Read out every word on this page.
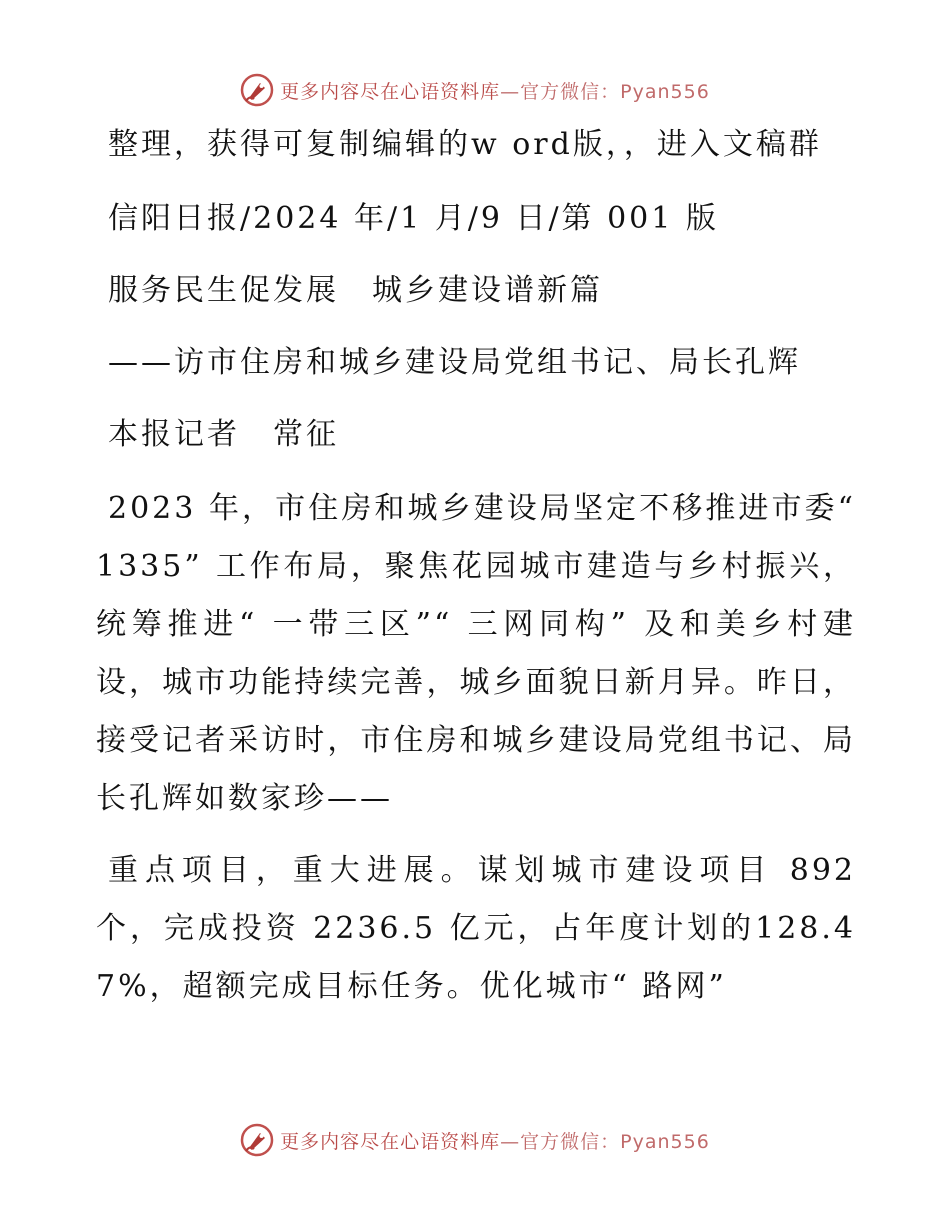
更多内容尽在心语资料库—官方微信：Pyan556

整理，获得可复制编辑的w ord版，，进入文稿群

信阳日报/2024 年/1 月/9 日/第 001 版

服务民生促发展　城乡建设谱新篇

——访市住房和城乡建设局党组书记、局长孔辉

本报记者　常征

2023 年，市住房和城乡建设局坚定不移推进市委“ 1335” 工作布局，聚焦花园城市建造与乡村振兴，统筹推进“ 一带三区”“ 三网同构” 及和美乡村建设，城市功能持续完善，城乡面貌日新月异。昨日，接受记者采访时，市住房和城乡建设局党组书记、局长孔辉如数家珍——

重点项目，重大进展。谋划城市建设项目 892 个，完成投资 2236.5 亿元，占年度计划的128.47%，超额完成目标任务。优化城市“ 路网”

更多内容尽在心语资料库—官方微信：Pyan556
